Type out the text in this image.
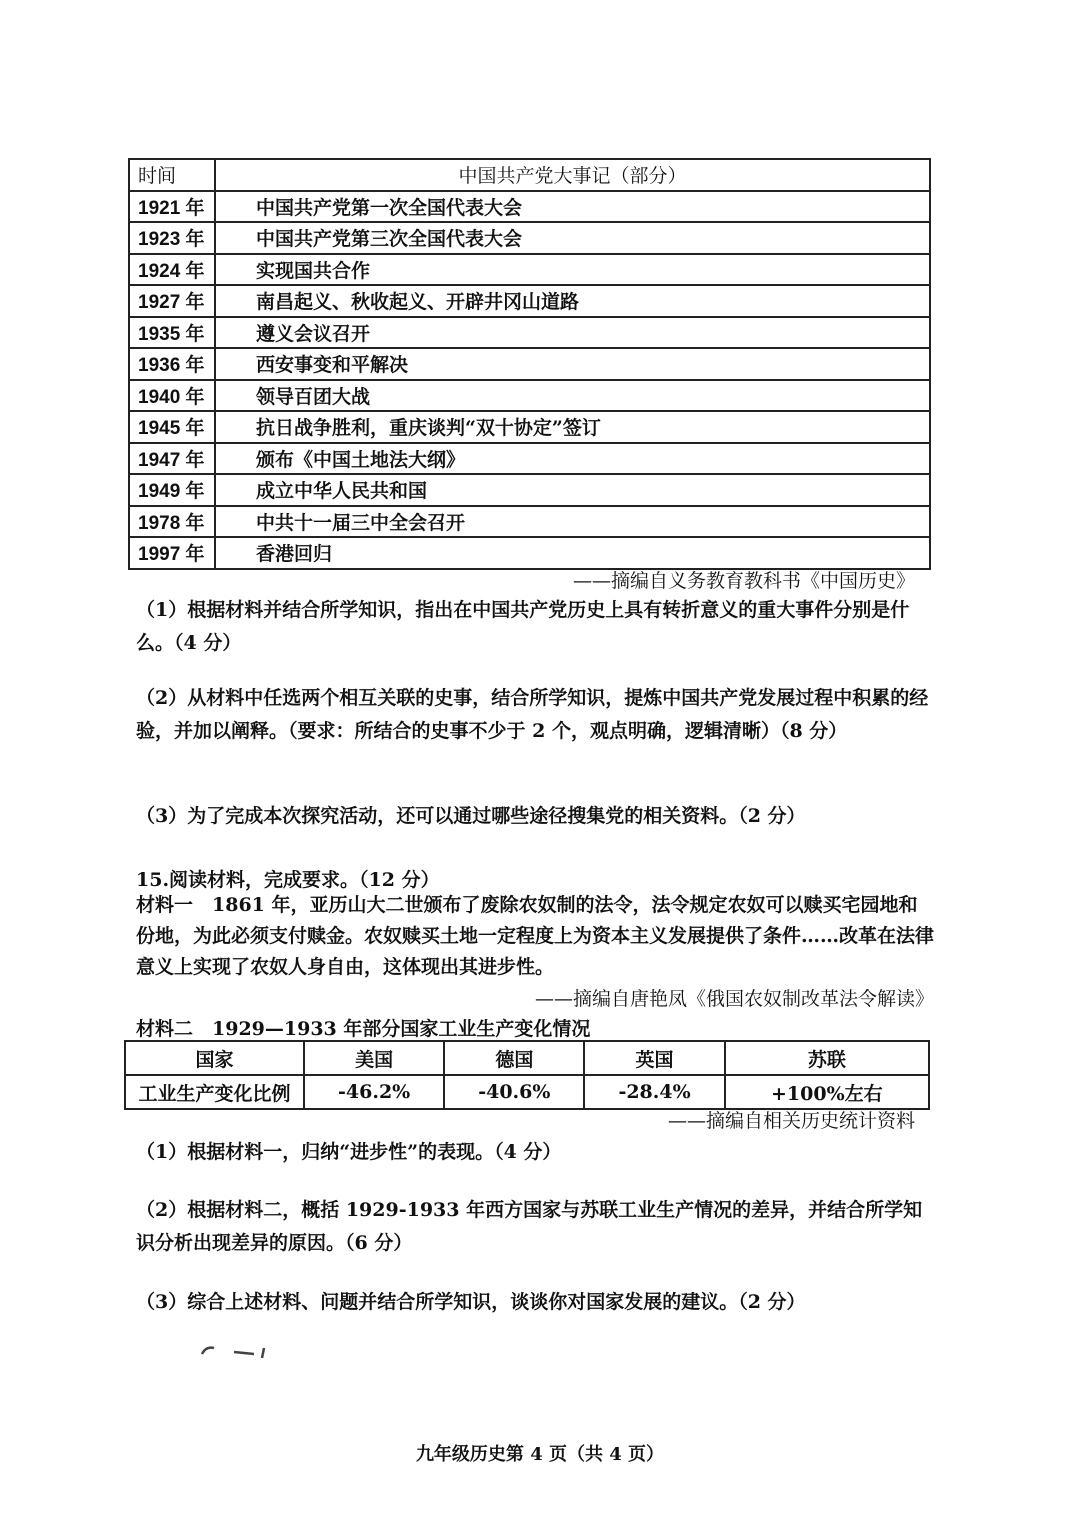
时间	中国共产党大事记（部分）
1921 年	中国共产党第一次全国代表大会
1923 年	中国共产党第三次全国代表大会
1924 年	实现国共合作
1927 年	南昌起义、秋收起义、开辟井冈山道路
1935 年	遵义会议召开
1936 年	西安事变和平解决
1940 年	领导百团大战
1945 年	抗日战争胜利，重庆谈判“双十协定”签订
1947 年	颁布《中国土地法大纲》
1949 年	成立中华人民共和国
1978 年	中共十一届三中全会召开
1997 年	香港回归
——摘编自义务教育教科书《中国历史》
（1）根据材料并结合所学知识，指出在中国共产党历史上具有转折意义的重大事件分别是什么。（4 分）
（2）从材料中任选两个相互关联的史事，结合所学知识，提炼中国共产党发展过程中积累的经验，并加以阐释。（要求：所结合的史事不少于 2 个，观点明确，逻辑清晰）（8 分）
（3）为了完成本次探究活动，还可以通过哪些途径搜集党的相关资料。（2 分）
15.阅读材料，完成要求。（12 分）
材料一　1861 年，亚历山大二世颁布了废除农奴制的法令，法令规定农奴可以赎买宅园地和份地，为此必须支付赎金。农奴赎买土地一定程度上为资本主义发展提供了条件……改革在法律意义上实现了农奴人身自由，这体现出其进步性。
——摘编自唐艳凤《俄国农奴制改革法令解读》
材料二　1929—1933 年部分国家工业生产变化情况
国家	美国	德国	英国	苏联
工业生产变化比例	-46.2%	-40.6%	-28.4%	+100%左右
——摘编自相关历史统计资料
（1）根据材料一，归纳“进步性”的表现。（4 分）
（2）根据材料二，概括 1929-1933 年西方国家与苏联工业生产情况的差异，并结合所学知识分析出现差异的原因。（6 分）
（3）综合上述材料、问题并结合所学知识，谈谈你对国家发展的建议。（2 分）
九年级历史第 4 页（共 4 页）
